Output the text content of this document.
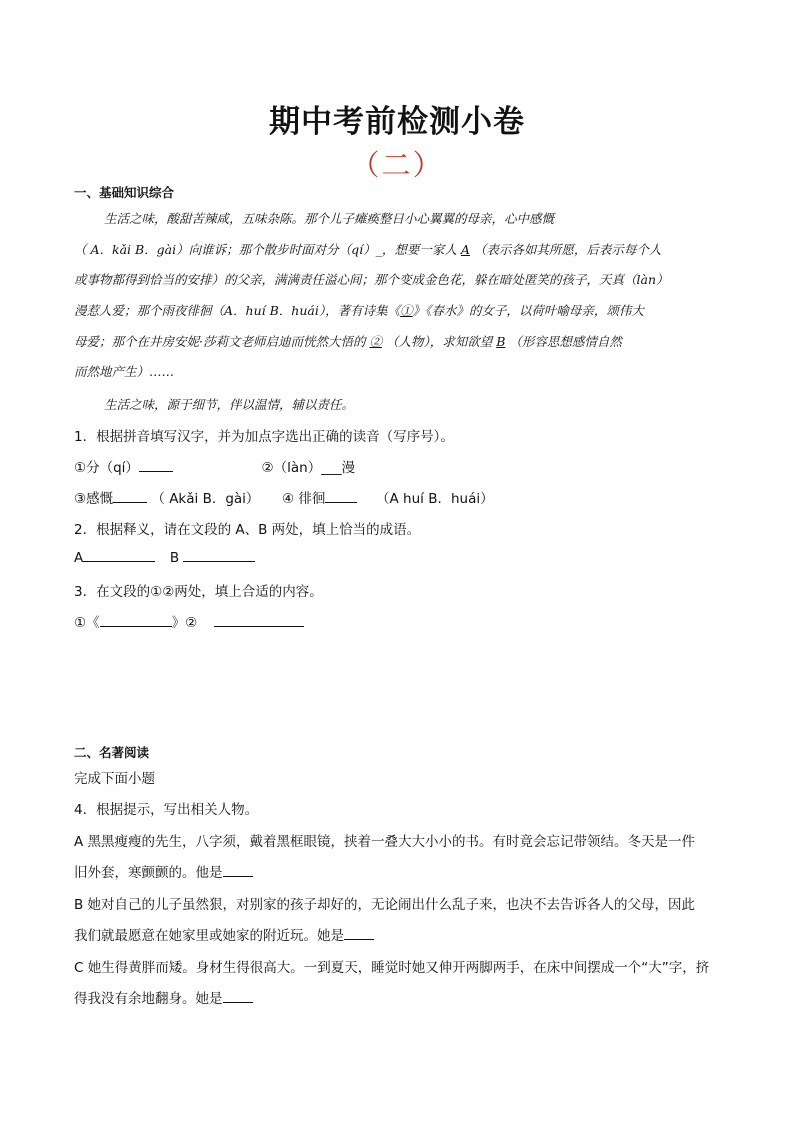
期中考前检测小卷
（二）
一、基础知识综合
生活之味，酸甜苦辣咸，五味杂陈。那个儿子瘫痪整日小心翼翼的母亲，心中感慨
（ A．kǎi B．gài）向谁诉；那个散步时面对分（qí）_，想要一家人 A （表示各如其所愿，后表示每个人
或事物都得到恰当的安排）的父亲，满满责任溢心间；那个变成金色花，躲在暗处匿笑的孩子，天真（làn）
漫惹人爱；那个雨夜徘徊（A．huí B．huái），著有诗集《①》《春水》的女子，以荷叶喻母亲，颂伟大
母爱；那个在井房安妮·莎莉文老师启迪而恍然大悟的 ② （人物），求知欲望 B （形容思想感情自然
而然地产生）……
生活之味，源于细节，伴以温情，辅以责任。
1．根据拼音填写汉字，并为加点字选出正确的读音（写序号）。
①分（qí）	②（làn）___漫
③感慨	（ Akǎi B．gài） ④ 徘徊	（A huí B．huái）
2．根据释义，请在文段的 A、B 两处，填上恰当的成语。
A	B
3．在文段的①②两处，填上合适的内容。
①《	》②
二、名著阅读
完成下面小题
4．根据提示，写出相关人物。
A 黑黑瘦瘦的先生，八字须，戴着黑框眼镜，挟着一叠大大小小的书。有时竟会忘记带领结。冬天是一件
旧外套，寒颤颤的。他是
B 她对自己的儿子虽然狠，对别家的孩子却好的，无论闹出什么乱子来，也决不去告诉各人的父母，因此
我们就最愿意在她家里或她家的附近玩。她是
C 她生得黄胖而矮。身材生得很高大。一到夏天，睡觉时她又伸开两脚两手，在床中间摆成一个“大”字，挤
得我没有余地翻身。她是
